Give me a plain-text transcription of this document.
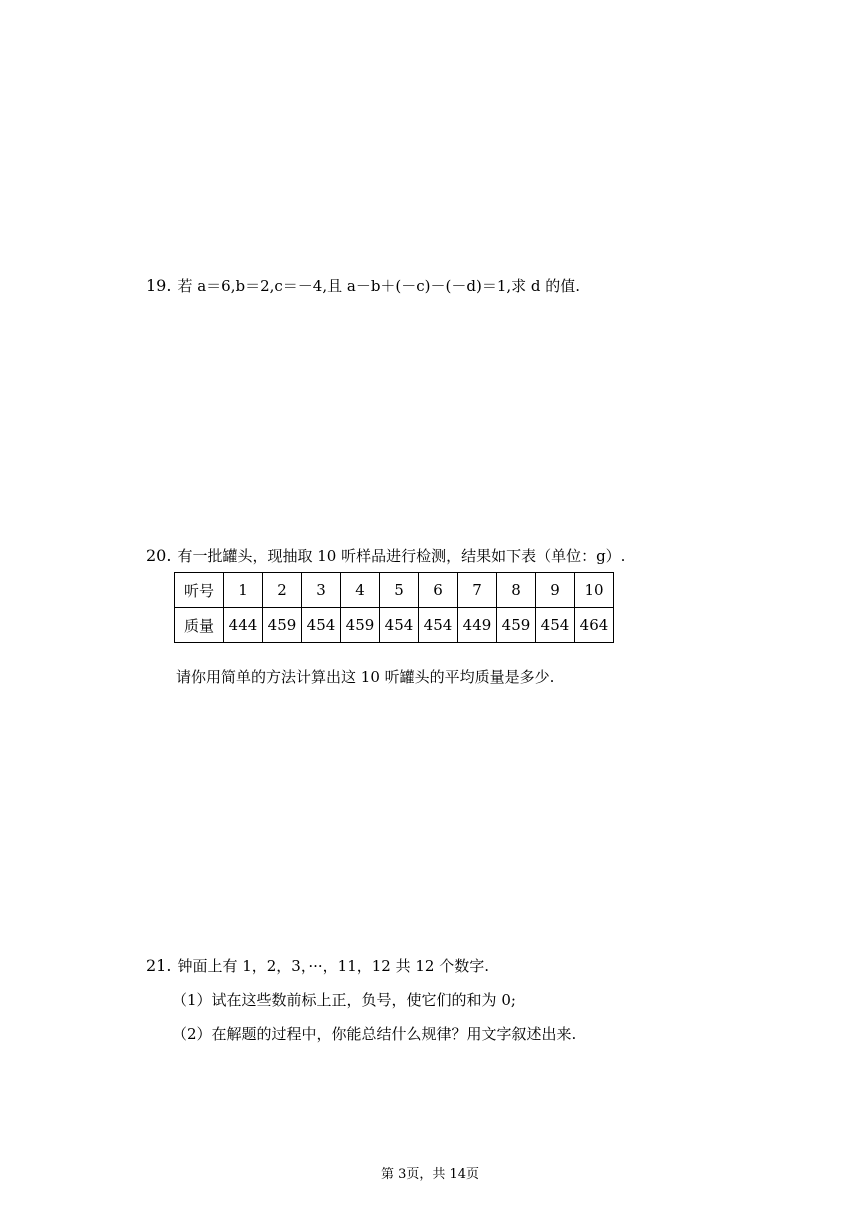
19. 若 a＝6,b＝2,c＝－4,且 a－b＋(－c)－(－d)＝1,求 d 的值.
20. 有一批罐头，现抽取 10 听样品进行检测，结果如下表（单位：g）.
听号	1	2	3	4	5	6	7	8	9	10
质量	444	459	454	459	454	454	449	459	454	464
请你用简单的方法计算出这 10 听罐头的平均质量是多少.
21. 钟面上有 1，2，3，···，11，12 共 12 个数字.
（1）试在这些数前标上正，负号，使它们的和为 0;
（2）在解题的过程中，你能总结什么规律？用文字叙述出来.
第 3页，共 14页
